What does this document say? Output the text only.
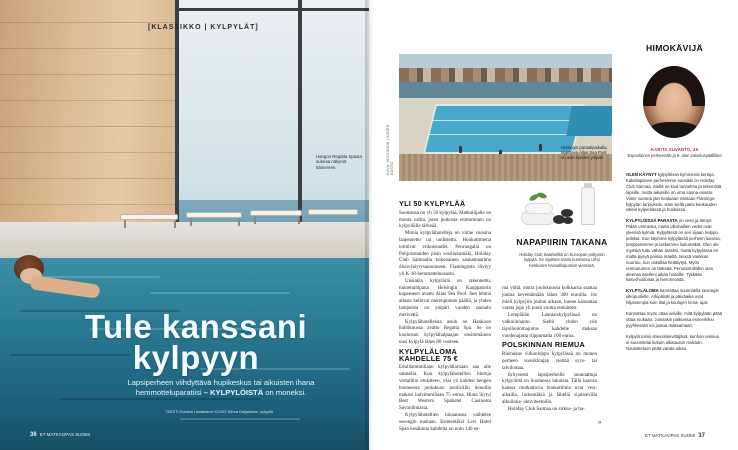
[KLASSIKKO | KYLPYLÄT]
Hangon Regatta Spasta aukeaa näkymä Itämereen.
Tule kanssani
kylpyyn
Lapsiperheen viihdyttävä hupikeskus tai aikuisten ihana hemmotteluparatiisi – KYLPYLÖISTÄ on moneksi.
TEKSTI Eveliina Linnahalme KUVAT Minna Karjalainen, kylpylät
36 ET MATKAOPAS SUOMI
Helsingin paraatipaikalla, sijaitseva Allas Sea Pool on auki suoden ympäri.
KUVA: HELSINGIN LAHDEN KOSTO
YLI 50 KYLPYLÄÄ

Suomessa on yli 50 kylpylää. Matkailijalle on monta valita, joten joukosta erottuminen on kylpylöille tärkeää.

Monia kylpylähotelleja on viime vuosina laajennettu tai uudistettu. Houkuttimena toimivat erikoisuudet. Peurungalla on Pohjoismaiden pisin vesiliukumäki, Holiday Club Saimaalla kokonainen saunamaailma disco-höyrysaunoineen. Flamingosta löytyy yli K-18-hemmotteluosasto.

Uusiakin kylpylöitä on rakennettu, tunnetuimpana Helsingin Kauppatorin kupeeseen avattu Allas Sea Pool. Sen lehmä allasta kelluvat merenpinnan päällä, ja yhden lampeista on ympäri vuoden saunalu merivettä.

Kylpylähotelleista asuin on Hankoon huhtikuussa avattu Regatta Spa. Se on kuuluisan kylpylähalpaajan ensimmäinen uusi kylpylä lähes 80 vuoteen.

KYLPYLÄLOMA KAHDELLE 75 €

Edullisimmillaan kylpylälomaan saa alle satasella. Kun kylpylähotellien hintoja vertailtiin etukäteen, yksi yö kahden hengen huoneessa joulukuun puolivälin tienoilla maksoi halvimmillaan 75 euroa. Hinta löytyi Best Western Spahotel Casinosta Savonlinnasta.

Kylpylähotellien hinnatasoa vaihtelee sesongin mukaan. Esimerkiksi Levi Hotel Span kesähinta kahdelta on noin 140 eu-

NAPAPIIRIN TAKANA
Holiday Club Saariselkä on Euroopan pohjoisin kylpylä. Se sijaitsee Inarin kunnassa Urho Kekkosen kansallispuiston vieressä.

roa yöltä, mutta joulukuussa kolkkarna saattaa joutua keventämään lähes 300 euroilla. Jos mieli kylpyjiin joulun aikaan, huone kannattaa varata jopa yli puoli vuotta etukäteen.

Lempiälän Launtaiskylpylässä on valkoiinnanto. Siellä yhden yön täysihoitomajoitus kahdelle maksaa vuodenajasta riippumatta 100 euroa.

POLSKINNAN RIEMUA

Riemukas viikonloppu kylpylässä on monen perheen suosikkiajan viettää syys- tai talvilomaa.

Erityisesti lapsiperheille suunnattuja kylpylöitä on Suomessa lukuisia. Tällä kaavan kanssa mutkattavia houkuttimia ovat vesi-aihailla, liukumäkiä ja lähellä sijaitsevilla alkuilona- aktiviteetoilla.

Holiday Club Saimaa on sirkus- ja ha-

»
HIMOKÄVIJÄ
KARITA SUVANTO, 46
Espoolainen perheenäiti ja 6- alan palveluspäällikkö

OLEN KÄYNYT kylpylöissä kymmeniä kertoja. Kaksilapsisen perheemme suosikki on Holiday Club Saimaa. Siellä on kiva tunnelma ja tekemistä lapsille, mutta aikuisille on oma sauna-osasto. Viime vuonna jäin kouluaan Vantaan Flamingo-kylpylän tarjouksiin. Käin siellä paris kuukauden välein kylpemässä ja hoidoissa.

KYLPYLÖISSÄ PARASTA on veso ja lämpö. Pidän ummesta, mutta ulkohallien vedet ovat yleensä kylmiä. Kylpylässä on sen sijaan helppo polskia. Kun käymme kylpylässä perheen kanssa, tempputemme ja laskemme liukumäkiä. Olen ole myöskä tuttu vähän arasksi, mutta kylpylässä en malta pysyä poissa mäeltä. Nexsä vankkan nuortuu, kun uskallaa heittäytyä. Myös rentoutumen on tärkeää. Pernetomillahin otan aleensa itselleni aikaa hoitoille. Tykkään kasvohoidoista ja hieronnoista.

KYLPYLÄLOMA kannattaa suunnitella sesongin ulkopuolelle. Arkipäivät ja päiväaika ovat hiljaisempia kuin lilat ja koulujen loma- ajat.

Kannattaa myös ottaa selville, mitä kylpylään pitää ottaa mukaan. Joissakin paikoissa esimerkiksi pyyhkeestä voi joutua maksamaan.

Kylpylä toimii stressinleivittäjänä, kunhan reissua ei suunnitelai liukuin aikataulun mukaan. Nautiskeluun pitää varata aikaa.

ET MATKAOPAS SUOMI 37
